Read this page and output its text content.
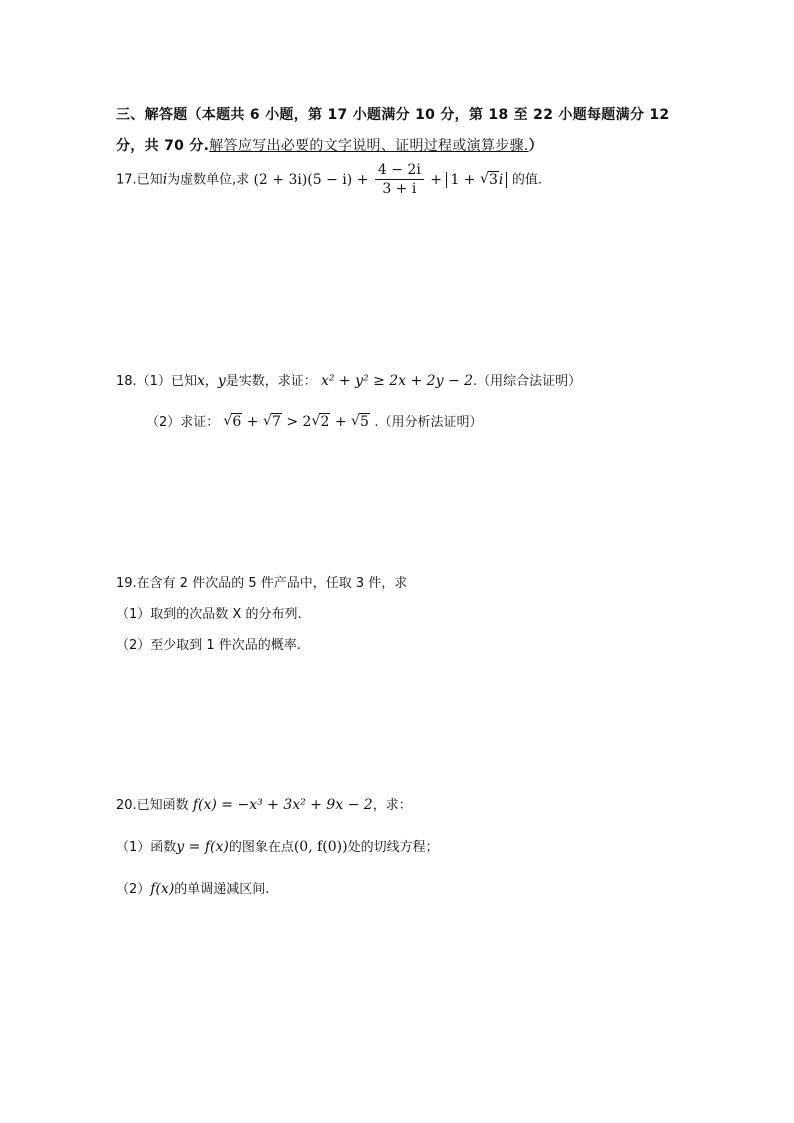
三、解答题（本题共 6 小题，第 17 小题满分 10 分，第 18 至 22 小题每题满分 12
分，共 70 分.解答应写出必要的文字说明、证明过程或演算步骤.）
17.已知i为虚数单位,求 $(2 + 3i)(5 - i) + \frac{4 - 2i}{3 + i} + 1$ + √ 3i 的值.
18.（1）已知x，y是实数，求证： x² + y² ≥ 2x + 2y − 2.（用综合法证明）
（2）求证： √ 6 + √ 7 > 2 √ 2 + √ 5 .（用分析法证明）
19.在含有 2 件次品的 5 件产品中，任取 3 件，求
（1）取到的次品数 X 的分布列.
（2）至少取到 1 件次品的概率.
20.已知函数 f(x) = −x³ + 3x² + 9x − 2，求：
（1）函数y = f(x)的图象在点(0, f(0))处的切线方程；
（2）f(x)的单调递减区间.
